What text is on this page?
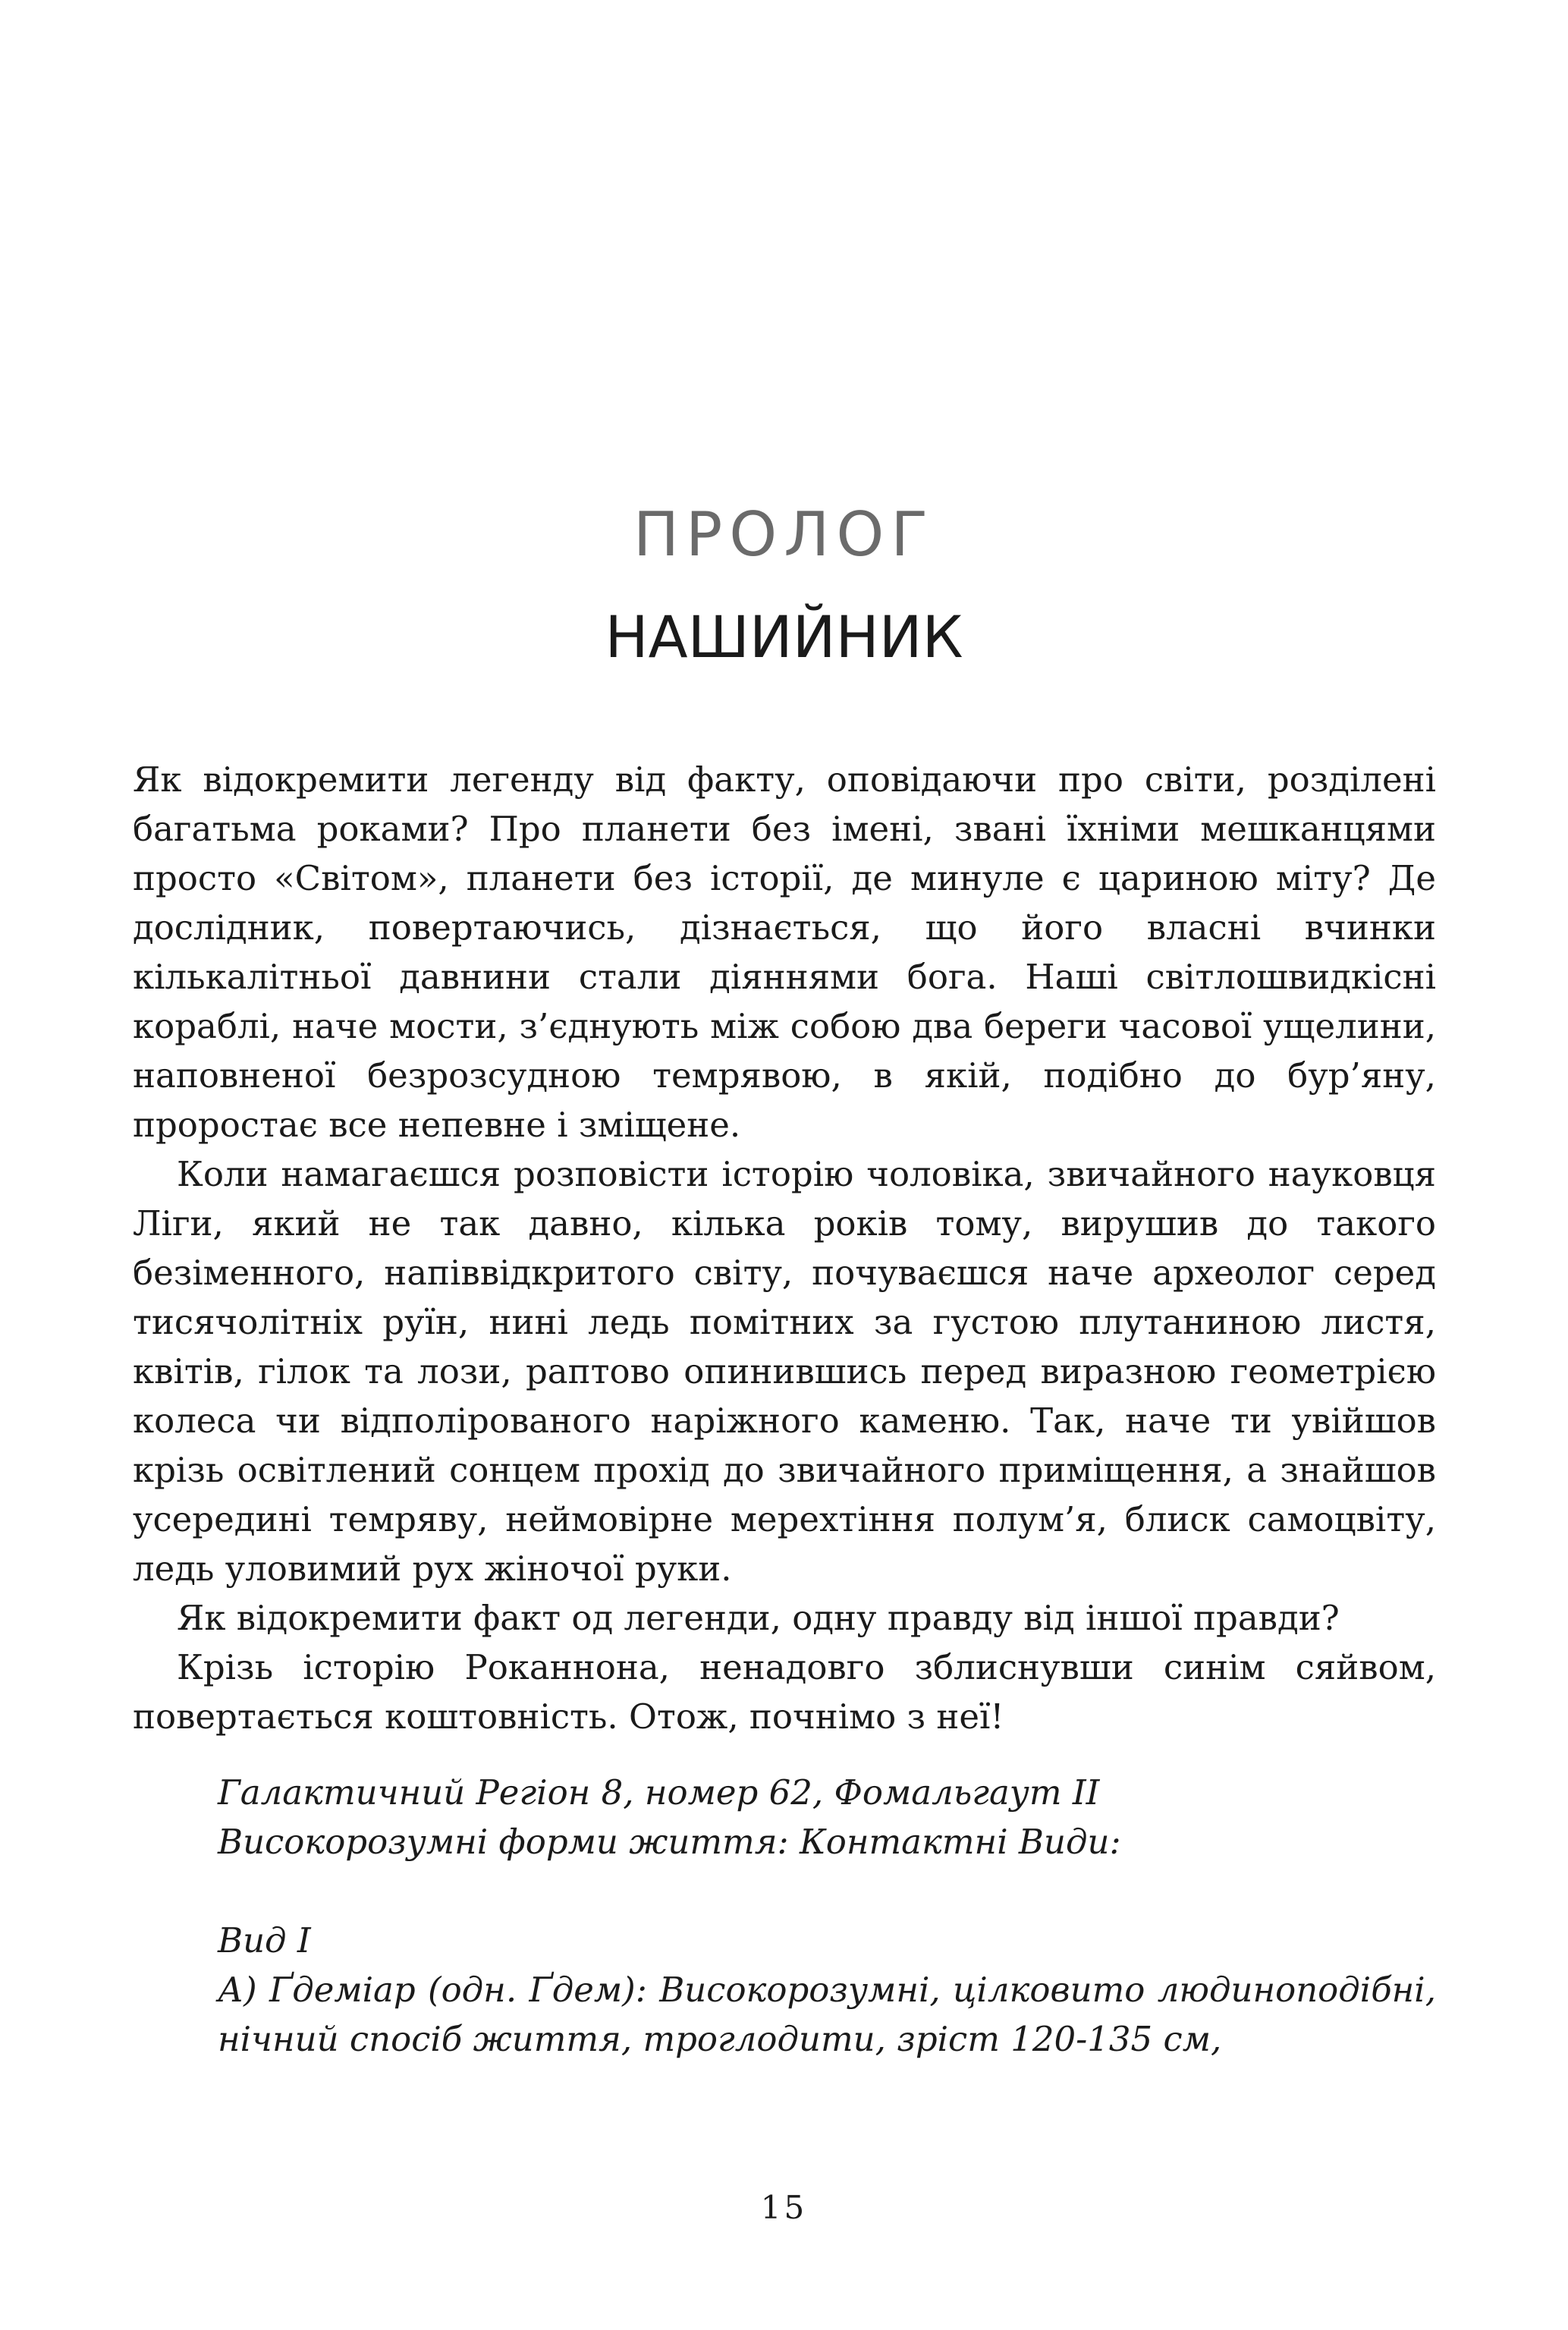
ПРОЛОГ
НАШИЙНИК

Як відокремити легенду від факту, оповідаючи про світи, розділені багатьма роками? Про планети без імені, звані їхніми мешканцями просто «Світом», планети без історії, де минуле є цариною міту? Де дослідник, повертаючись, дізнається, що його власні вчинки кількалітньої давнини стали діяннями бога. Наші світлошвидкісні кораблі, наче мости, з’єднують між собою два береги часової ущелини, наповненої безрозсудною темрявою, в якій, подібно до бур’яну, проростає все непевне і зміщене.

Коли намагаєшся розповісти історію чоловіка, звичайного науковця Ліги, який не так давно, кілька років тому, вирушив до такого безіменного, напіввідкритого світу, почуваєшся наче археолог серед тисячолітніх руїн, нині ледь помітних за густою плутаниною листя, квітів, гілок та лози, раптово опинившись перед виразною геометрією колеса чи відполірованого наріжного каменю. Так, наче ти увійшов крізь освітлений сонцем прохід до звичайного приміщення, а знайшов усередині темряву, неймовірне мерехтіння полум’я, блиск самоцвіту, ледь уловимий рух жіночої руки.

Як відокремити факт од легенди, одну правду від іншої правди?

Крізь історію Роканнона, ненадовго зблиснувши синім сяйвом, повертається коштовність. Отож, почнімо з неї!

Галактичний Регіон 8, номер 62, Фомальгаут II

Високорозумні форми життя: Контактні Види:

Вид I

А) Ґдеміар (одн. Ґдем): Високорозумні, цілковито людиноподібні, нічний спосіб життя, троглодити, зріст 120-135 см,

15
